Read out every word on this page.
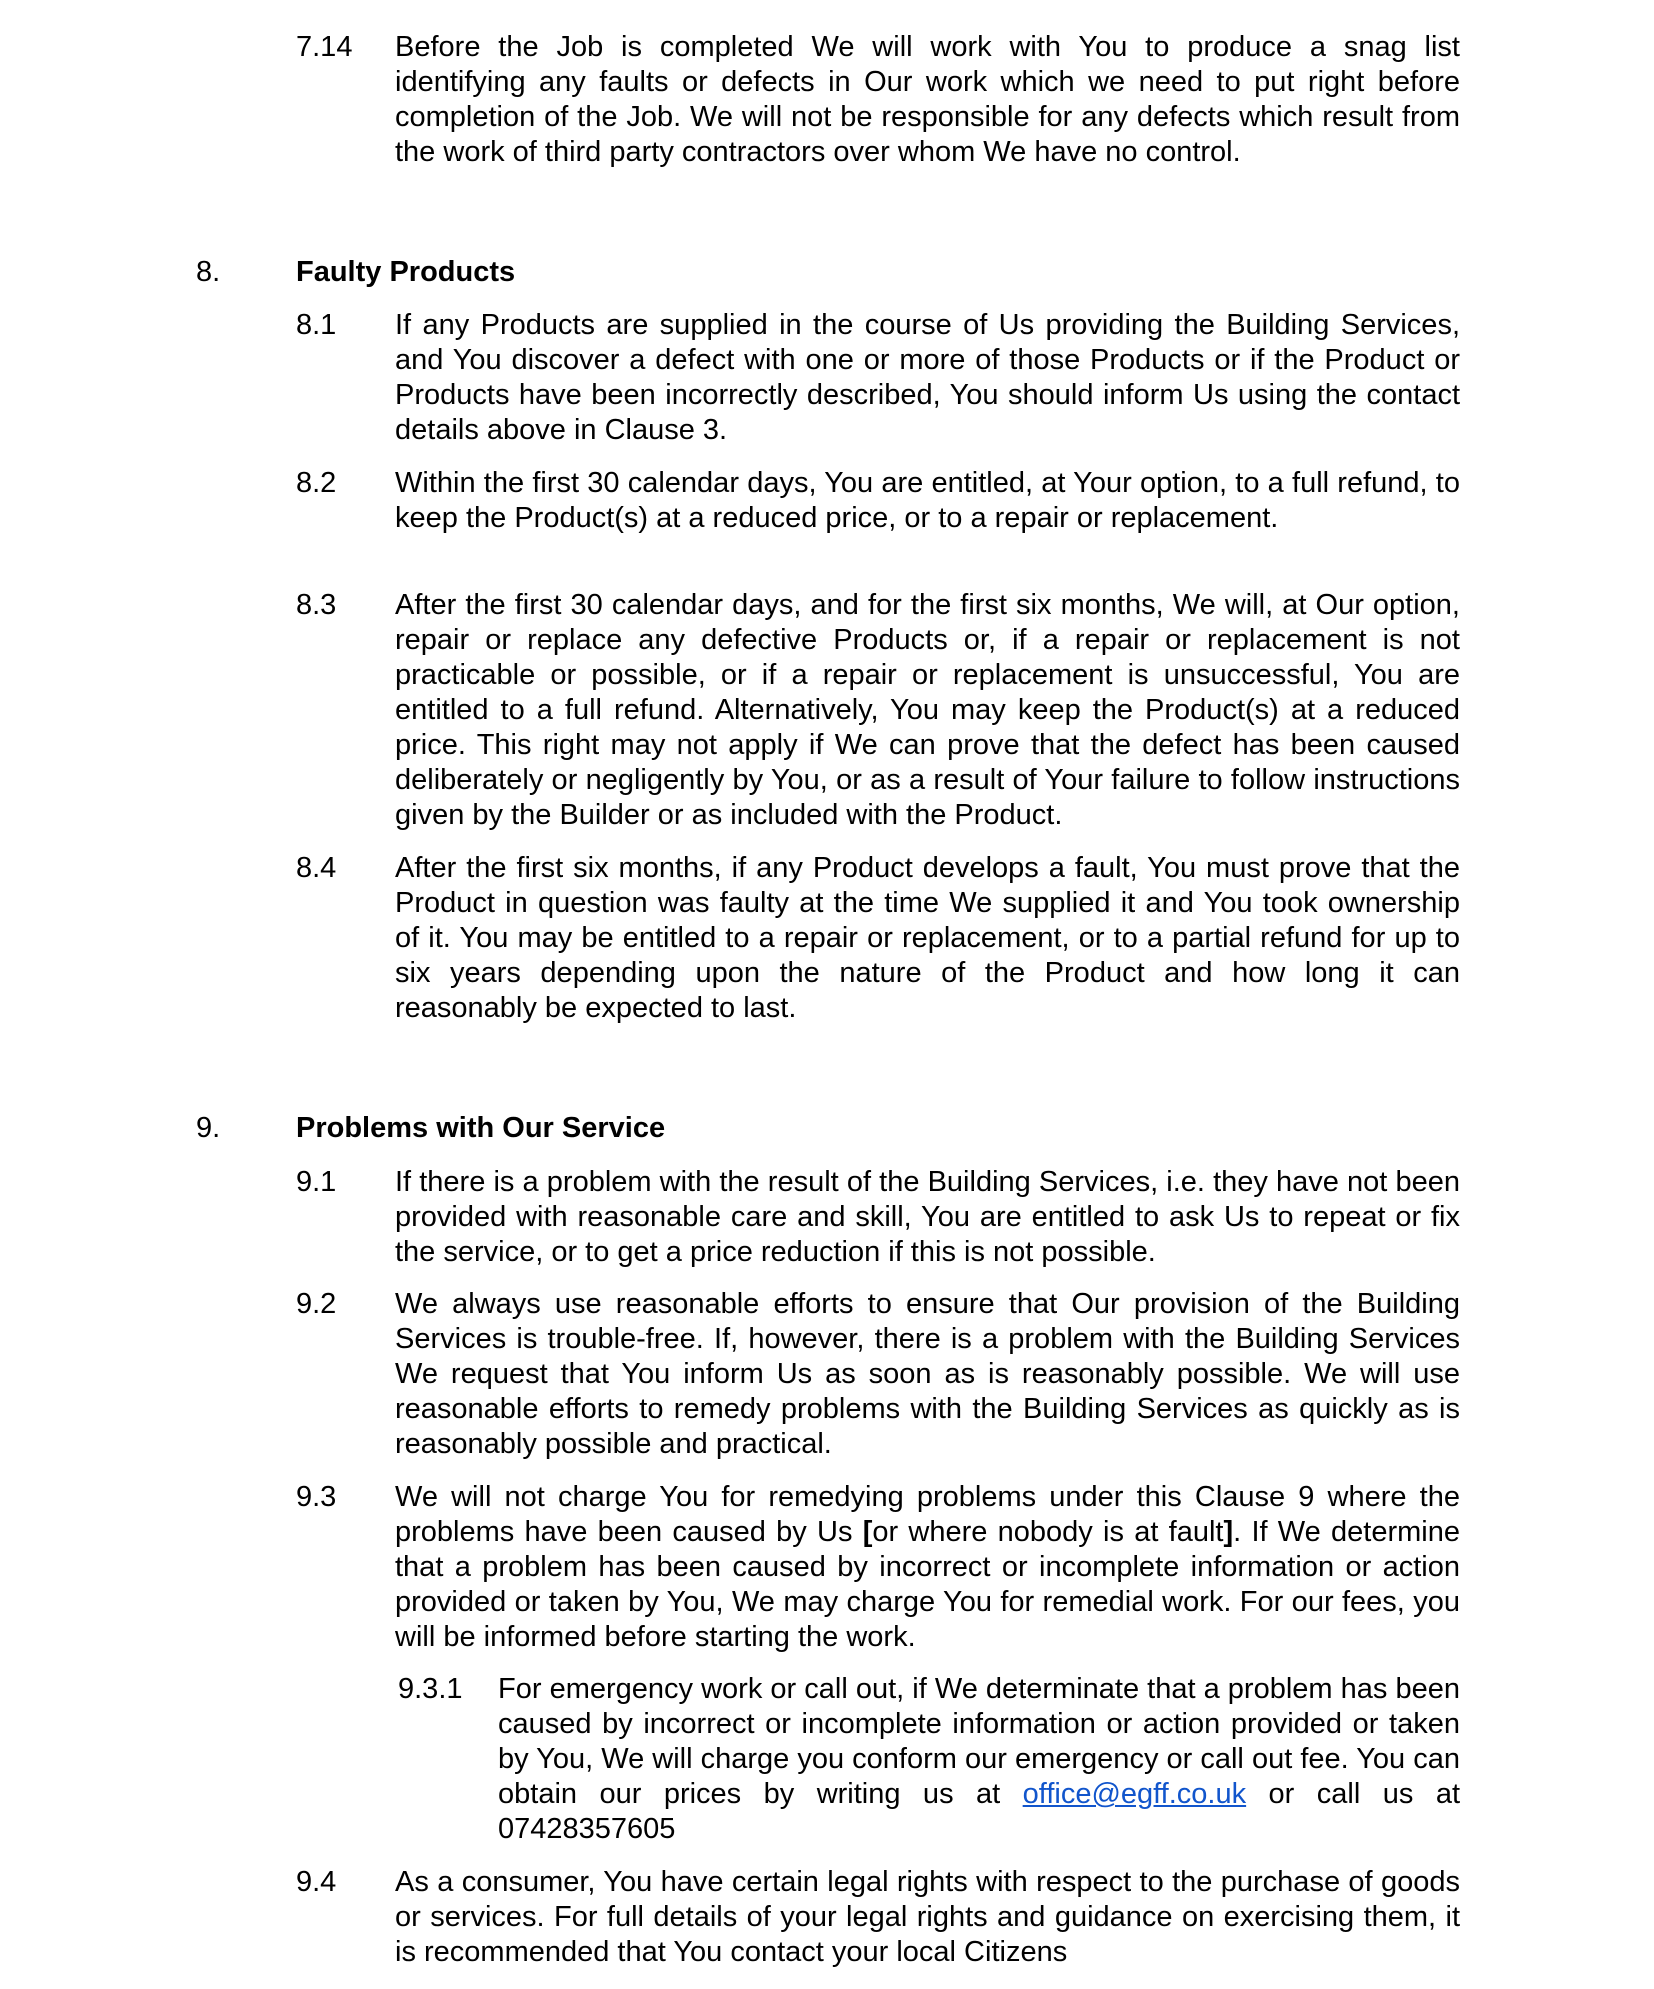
7.14 Before the Job is completed We will work with You to produce a snag list identifying any faults or defects in Our work which we need to put right before completion of the Job. We will not be responsible for any defects which result from the work of third party contractors over whom We have no control.
8.	Faulty Products
8.1 If any Products are supplied in the course of Us providing the Building Services, and You discover a defect with one or more of those Products or if the Product or Products have been incorrectly described, You should inform Us using the contact details above in Clause 3.
8.2 Within the first 30 calendar days, You are entitled, at Your option, to a full refund, to keep the Product(s) at a reduced price, or to a repair or replacement.
8.3 After the first 30 calendar days, and for the first six months, We will, at Our option, repair or replace any defective Products or, if a repair or replacement is not practicable or possible, or if a repair or replacement is unsuccessful, You are entitled to a full refund. Alternatively, You may keep the Product(s) at a reduced price. This right may not apply if We can prove that the defect has been caused deliberately or negligently by You, or as a result of Your failure to follow instructions given by the Builder or as included with the Product.
8.4 After the first six months, if any Product develops a fault, You must prove that the Product in question was faulty at the time We supplied it and You took ownership of it. You may be entitled to a repair or replacement, or to a partial refund for up to six years depending upon the nature of the Product and how long it can reasonably be expected to last.
9.	Problems with Our Service
9.1 If there is a problem with the result of the Building Services, i.e. they have not been provided with reasonable care and skill, You are entitled to ask Us to repeat or fix the service, or to get a price reduction if this is not possible.
9.2 We always use reasonable efforts to ensure that Our provision of the Building Services is trouble-free. If, however, there is a problem with the Building Services We request that You inform Us as soon as is reasonably possible. We will use reasonable efforts to remedy problems with the Building Services as quickly as is reasonably possible and practical.
9.3 We will not charge You for remedying problems under this Clause 9 where the problems have been caused by Us [or where nobody is at fault]. If We determine that a problem has been caused by incorrect or incomplete information or action provided or taken by You, We may charge You for remedial work. For our fees, you will be informed before starting the work.
9.3.1 For emergency work or call out, if We determinate that a problem has been caused by incorrect or incomplete information or action provided or taken by You, We will charge you conform our emergency or call out fee. You can obtain our prices by writing us at office@egff.co.uk or call us at 07428357605
9.4 As a consumer, You have certain legal rights with respect to the purchase of goods or services. For full details of your legal rights and guidance on exercising them, it is recommended that You contact your local Citizens
